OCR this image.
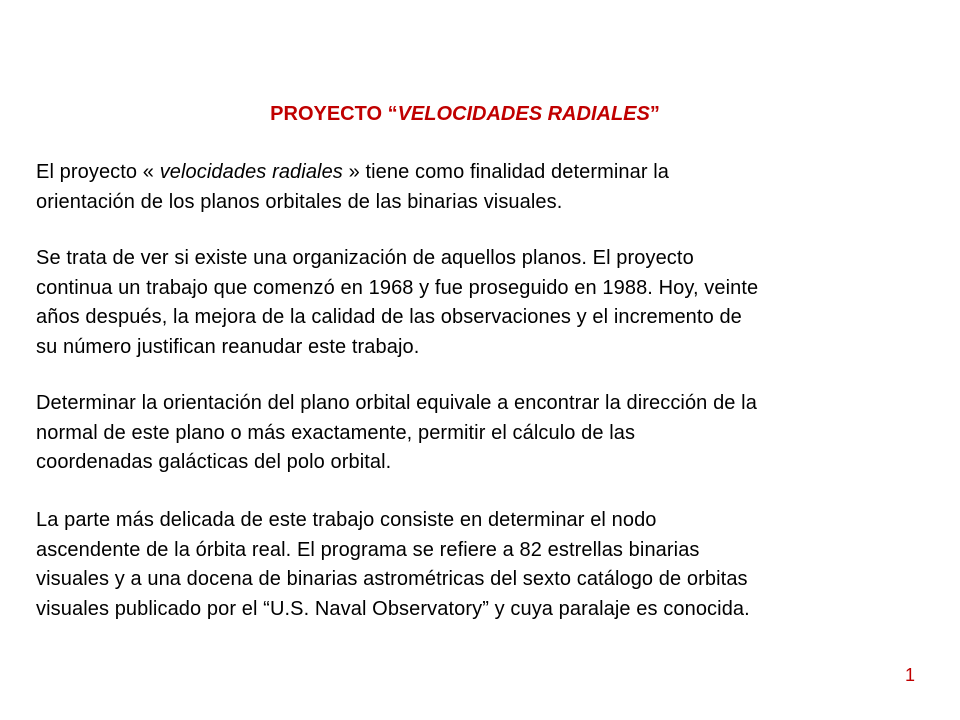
PROYECTO “VELOCIDADES RADIALES”
El proyecto « velocidades radiales » tiene como finalidad determinar la
orientación de los planos orbitales de las binarias visuales.
Se trata de ver si existe una organización de aquellos planos. El proyecto
continua un trabajo que comenzó en 1968 y fue proseguido en 1988. Hoy, veinte
años después, la mejora de la calidad de las observaciones y el incremento de
su número justifican reanudar este trabajo.
Determinar la orientación del plano orbital equivale a encontrar la dirección de la
normal de este plano o más exactamente, permitir el cálculo de las
coordenadas galácticas del polo orbital.
La parte más delicada de este trabajo consiste en determinar el nodo
ascendente de la órbita real. El programa se refiere a 82 estrellas binarias
visuales y a una docena de binarias astrométricas del sexto catálogo de orbitas
visuales publicado por el “U.S. Naval Observatory” y cuya paralaje es conocida.
1
